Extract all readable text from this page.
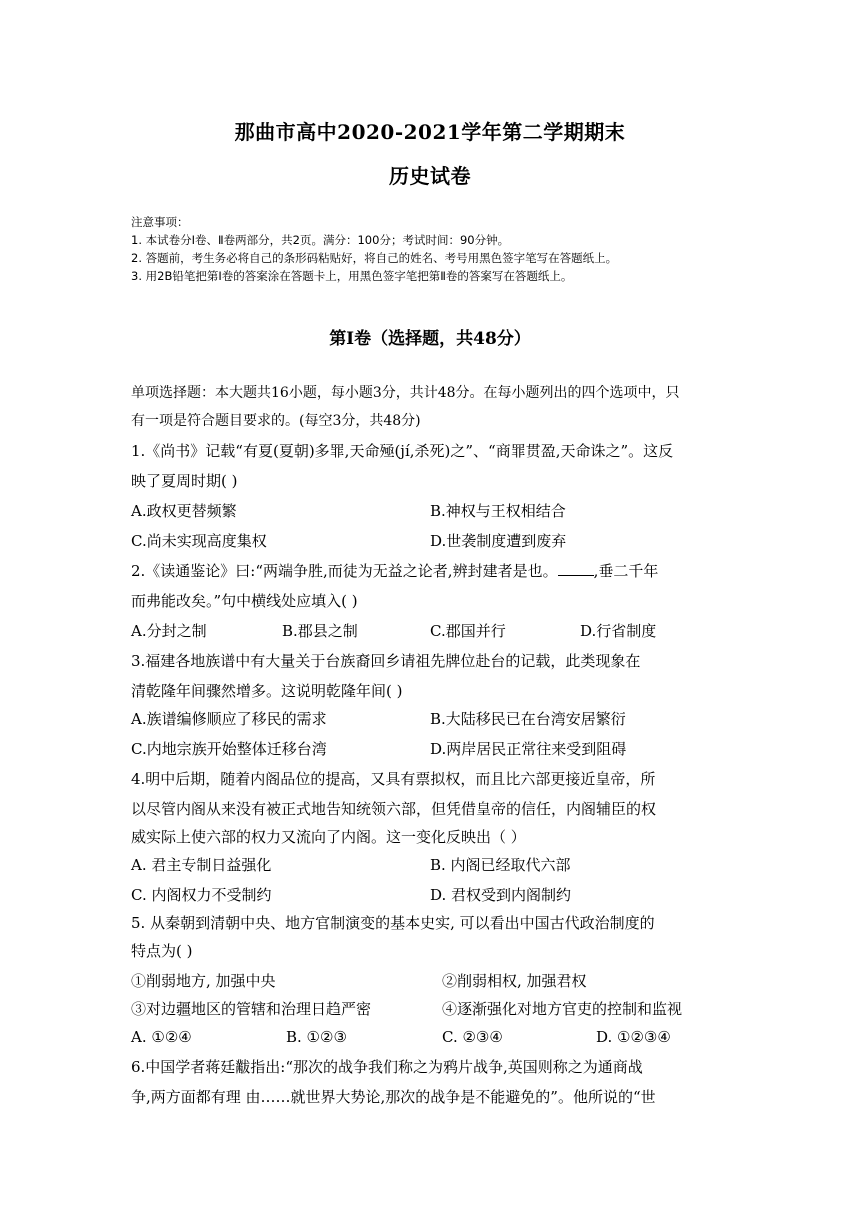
那曲市高中2020-2021学年第二学期期末
历史试卷
注意事项：
1. 本试卷分Ⅰ卷、Ⅱ卷两部分，共2页。满分：100分；考试时间：90分钟。
2. 答题前，考生务必将自己的条形码粘贴好，将自己的姓名、考号用黑色签字笔写在答题纸上。
3. 用2B铅笔把第Ⅰ卷的答案涂在答题卡上，用黑色签字笔把第Ⅱ卷的答案写在答题纸上。
第Ⅰ卷（选择题，共48分）
单项选择题：本大题共16小题，每小题3分，共计48分。在每小题列出的四个选项中，只
有一项是符合题目要求的。(每空3分，共48分)
1.《尚书》记载“有夏(夏朝)多罪,天命殛(jí,杀死)之”、“商罪贯盈,天命诛之”。这反
映了夏周时期( )
A.政权更替频繁	B.神权与王权相结合
C.尚未实现高度集权	D.世袭制度遭到废弃
2.《读通鉴论》曰:“两端争胜,而徒为无益之论者,辨封建者是也。 ,垂二千年
而弗能改矣。”句中横线处应填入( )
A.分封之制	B.郡县之制	C.郡国并行	D.行省制度
3.福建各地族谱中有大量关于台族裔回乡请祖先牌位赴台的记载，此类现象在
清乾隆年间骤然增多。这说明乾隆年间( )
A.族谱编修顺应了移民的需求	B.大陆移民已在台湾安居繁衍
C.内地宗族开始整体迁移台湾	D.两岸居民正常往来受到阻碍
4.明中后期，随着内阁品位的提高，又具有票拟权，而且比六部更接近皇帝，所
以尽管内阁从来没有被正式地告知统领六部，但凭借皇帝的信任，内阁辅臣的权
威实际上使六部的权力又流向了内阁。这一变化反映出（ ）
A. 君主专制日益强化	B. 内阁已经取代六部
C. 内阁权力不受制约	D. 君权受到内阁制约
5. 从秦朝到清朝中央、地方官制演变的基本史实, 可以看出中国古代政治制度的
特点为( )
①削弱地方, 加强中央	②削弱相权, 加强君权
③对边疆地区的管辖和治理日趋严密	④逐渐强化对地方官吏的控制和监视
A. ①②④	B. ①②③	C. ②③④	D. ①②③④
6.中国学者蒋廷黻指出:“那次的战争我们称之为鸦片战争,英国则称之为通商战
争,两方面都有理 由……就世界大势论,那次的战争是不能避免的”。他所说的“世
